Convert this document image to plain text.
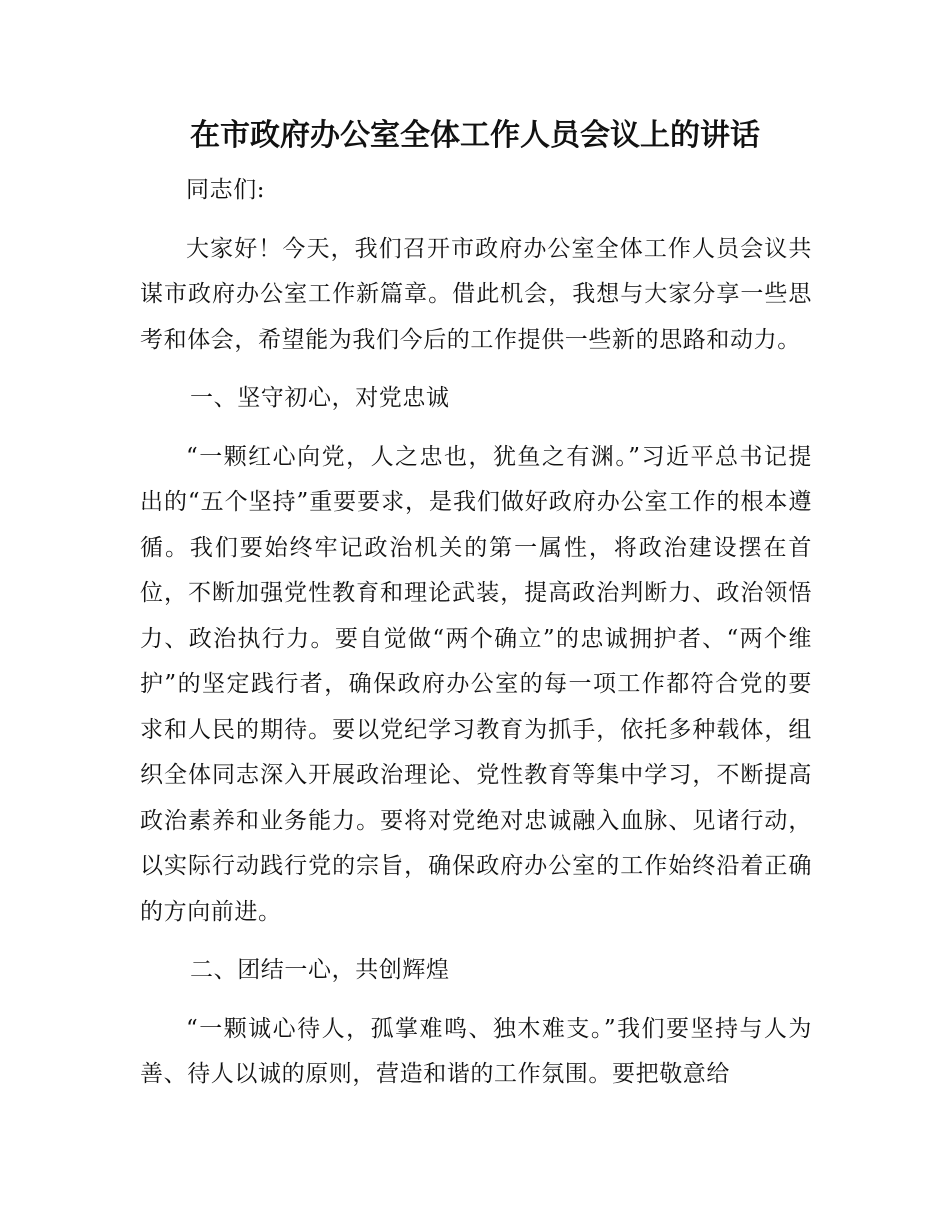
在市政府办公室全体工作人员会议上的讲话

同志们:

大家好！今天，我们召开市政府办公室全体工作人员会议共谋市政府办公室工作新篇章。借此机会，我想与大家分享一些思考和体会，希望能为我们今后的工作提供一些新的思路和动力。

一、坚守初心，对党忠诚

“一颗红心向党，人之忠也，犹鱼之有渊。”习近平总书记提出的“五个坚持”重要要求，是我们做好政府办公室工作的根本遵循。我们要始终牢记政治机关的第一属性，将政治建设摆在首位，不断加强党性教育和理论武装，提高政治判断力、政治领悟力、政治执行力。要自觉做“两个确立”的忠诚拥护者、“两个维护”的坚定践行者，确保政府办公室的每一项工作都符合党的要求和人民的期待。要以党纪学习教育为抓手，依托多种载体，组织全体同志深入开展政治理论、党性教育等集中学习，不断提高政治素养和业务能力。要将对党绝对忠诚融入血脉、见诸行动，以实际行动践行党的宗旨，确保政府办公室的工作始终沿着正确的方向前进。

二、团结一心，共创辉煌

“一颗诚心待人，孤掌难鸣、独木难支。”我们要坚持与人为善、待人以诚的原则，营造和谐的工作氛围。要把敬意给
